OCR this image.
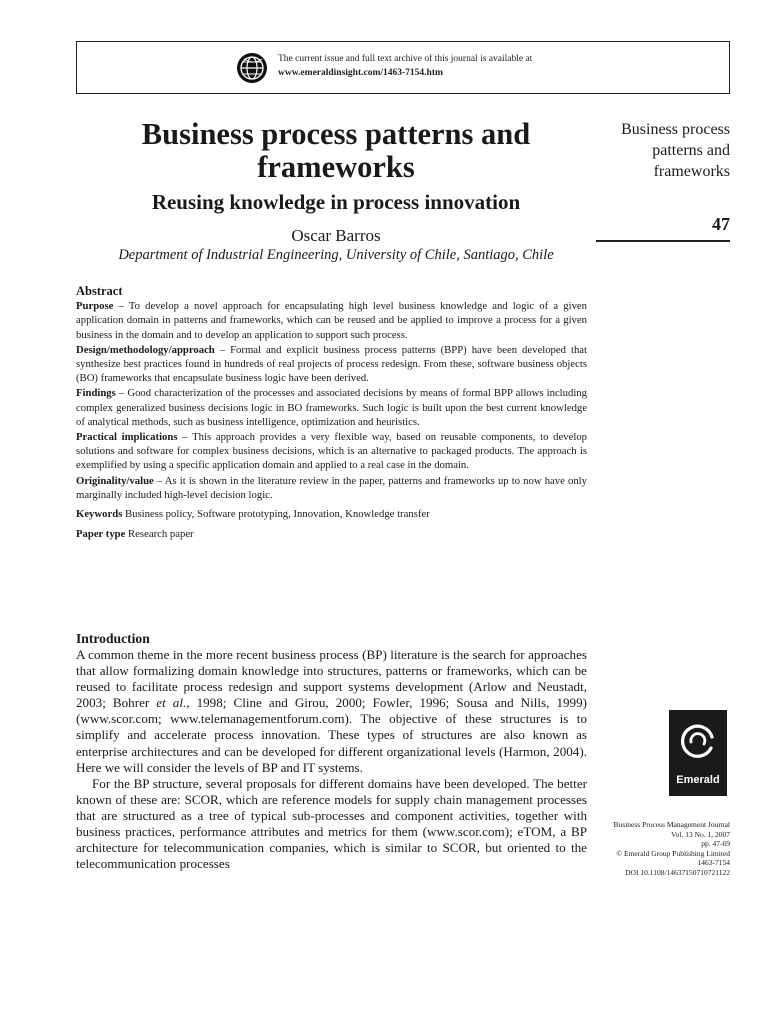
The current issue and full text archive of this journal is available at
www.emeraldinsight.com/1463-7154.htm
Business process patterns and frameworks
Reusing knowledge in process innovation
Oscar Barros
Department of Industrial Engineering, University of Chile, Santiago, Chile
Business process patterns and frameworks
47
Abstract

Purpose – To develop a novel approach for encapsulating high level business knowledge and logic of a given application domain in patterns and frameworks, which can be reused and be applied to improve a process for a given business in the domain and to develop an application to support such process.

Design/methodology/approach – Formal and explicit business process patterns (BPP) have been developed that synthesize best practices found in hundreds of real projects of process redesign. From these, software business objects (BO) frameworks that encapsulate business logic have been derived.

Findings – Good characterization of the processes and associated decisions by means of formal BPP allows including complex generalized business decisions logic in BO frameworks. Such logic is built upon the best current knowledge of analytical methods, such as business intelligence, optimization and heuristics.

Practical implications – This approach provides a very flexible way, based on reusable components, to develop solutions and software for complex business decisions, which is an alternative to packaged products. The approach is exemplified by using a specific application domain and applied to a real case in the domain.

Originality/value – As it is shown in the literature review in the paper, patterns and frameworks up to now have only marginally included high-level decision logic.

Keywords Business policy, Software prototyping, Innovation, Knowledge transfer

Paper type Research paper

Introduction

A common theme in the more recent business process (BP) literature is the search for approaches that allow formalizing domain knowledge into structures, patterns or frameworks, which can be reused to facilitate process redesign and support systems development (Arlow and Neustadt, 2003; Bohrer et al., 1998; Cline and Girou, 2000; Fowler, 1996; Sousa and Nills, 1999) (www.scor.com; www.telemanagementforum.com). The objective of these structures is to simplify and accelerate process innovation. These types of structures are also known as enterprise architectures and can be developed for different organizational levels (Harmon, 2004). Here we will consider the levels of BP and IT systems.

For the BP structure, several proposals for different domains have been developed. The better known of these are: SCOR, which are reference models for supply chain management processes that are structured as a tree of typical sub-processes and component activities, together with business practices, performance attributes and metrics for them (www.scor.com); eTOM, a BP architecture for telecommunication companies, which is similar to SCOR, but oriented to the telecommunication processes

Emerald
Business Process Management Journal
Vol. 13 No. 1, 2007
pp. 47-69
© Emerald Group Publishing Limited
1463-7154
DOI 10.1108/14637150710721122
